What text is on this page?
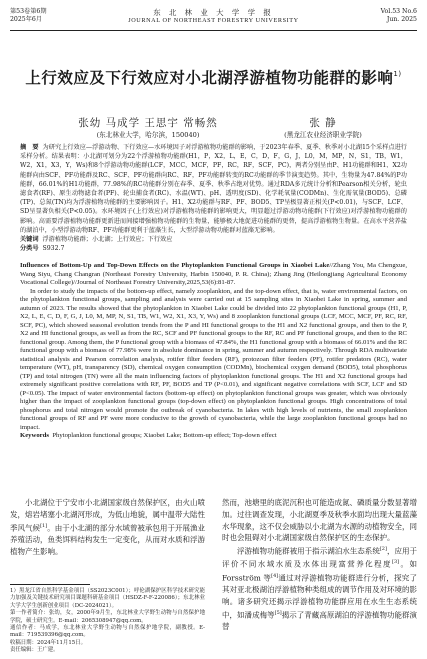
第53卷第6期
2025年6月
东 北 林 业 大 学 学 报
JOURNAL OF NORTHEAST FORESTRY UNIVERSITY
Vol.53 No.6
Jun. 2025
上行效应及下行效应对小北湖浮游植物功能群的影响$^{1)}$
张幼 马成学 王思宇 常畅然
(东北林业大学，哈尔滨，150040)
张 静
(黑龙江农业经济职业学院)

摘　要 为研究上行效应—浮游动物、下行效应—水环境因子对浮游植物功能群的影响，于2023年春季、夏季、秋季对小北湖15个采样点进行采样分析。结果表明：小北湖可划分为22个浮游植物功能群(H1，P，X2，L，E，C，D，F，G，J，L0，M，MP，N，S1，TB，W1，W2，X1，X3，Y，Ws)和8个浮游动物功能群(LCF，MCC，MCF，PF，RC，RF，SCF，PC)，两者分别呈由P、H1功能群和H1、X2功能群向由SCF、PF功能群及RC、SCF、PF功能群向RC、RF，PF功能群转变的RC功能群的季节演变趋势。其中，生物量为47.84%的P功能群，66.01%的H1功能群，77.98%的RC功能群分别在春季、夏季、秋季占绝对优势。通过RDA多元统计分析和Pearson相关分析，轮虫滤食者(RF)、原生动物滤食者(PF)、轮虫捕食者(RC)、水温(WT)、pH、透明度(SD)、化学耗氧量(CODMn)、生化需氧量(BOD5)、总磷(TP)、总氮(TN)均为浮游植物功能群的主要影响因子。H1、X2功能群与RF、PF、BOD5、TP呈极显著正相关(P<0.01)，与SCF、LCF、SD呈显著负相关(P<0.05)。水环境因子(上行效应)对浮游植物功能群的影响更大，明显超过浮游动物功能群(下行效应)对浮游植物功能群的影响。高需要浮游植物功能群更新进而间接增强植物功能群的生物量，能够极大地促进功能群的更替，提高浮游植物生物量。在高水平营养盐的湖泊中，小型浮游动物RF、PF功能群更利于蓝藻生长，大型浮游动物功能群对蓝藻无影响。

关键词 浮游植物功能群；小北湖；上行效应；下行效应

分类号 S932.7

Influences of Bottom-Up and Top-Down Effects on the Phytoplankton Functional Groups in Xiaobei Lake//Zhang You, Ma Chengxue, Wang Siyu, Chang Changran (Northeast Forestry University, Harbin 150040, P. R. China); Zhang Jing (Heilongjiang Agricultural Economy Vocational College)//Journal of Northeast Forestry University,2025,53(6):81-87.

In order to study the impacts of the bottom-up effect, namely zooplankton, and the top-down effect, that is, water environmental factors, on the phytoplankton functional groups, sampling and analysis were carried out at 15 sampling sites in Xiaobei Lake in spring, summer and autumn of 2023. The results showed that the phytoplankton in Xiaobei Lake could be divided into 22 phytoplankton functional groups (H1, P, X2, L, E, C, D, F, G, J, L0, M, MP, N, S1, TB, W1, W2, X1, X3, Y, Ws) and 8 zooplankton functional groups (LCF, MCC, MCF, PF, RC, RF, SCF, PC), which showed seasonal evolution trends from the P and HI functional groups to the H1 and X2 functional groups, and then to the P, X2 and HI functional groups, as well as from the RC, SCF and PF functional groups to the RF, RC and PF functional groups, and then to the RC functional group. Among them, the P functional group with a biomass of 47.84%, the H1 functional group with a biomass of 66.01% and the RC functional group with a biomass of 77.98% were in absolute dominance in spring, summer and autumn respectively. Through RDA multivariate statistical analysis and Pearson correlation analysis, rotifer filter feeders (RF), protozoan filter feeders (PF), rotifer predators (RC), water temperature (WT), pH, transparency (SD), chemical oxygen consumption (CODMn), biochemical oxygen demand (BOD5), total phosphorus (TP) and total nitrogen (TN) were all the main influencing factors of phytoplankton functional groups. The H1 and X2 functional groups had extremely significant positive correlations with RF, PF, BOD5 and TP (P<0.01), and significant negative correlations with SCF, LCF and SD (P<0.05). The impact of water environmental factors (bottom-up effect) on phytoplankton functional groups was greater, which was obviously higher than the impact of zooplankton functional groups (top-down effect) on phytoplankton functional groups. High concentrations of total phosphorus and total nitrogen would promote the outbreak of cyanobacteria. In lakes with high levels of nutrients, the small zooplankton functional groups of RF and PF were more conducive to the growth of cyanobacteria, while the large zooplankton functional groups had no impact.

Keywords Phytoplankton functional groups; Xiaobei Lake; Bottom-up effect; Top-down effect

小北湖位于宁安市小北湖国家级自然保护区，由火山喷发，熔岩堵塞小北湖河形成，为低山地貌，属中温带大陆性季风气候[1]。由于小北湖的部分水域曾被承包用于开展渔业养殖活动，鱼类饵料结构发生一定变化，从而对水质和浮游植物产生影响。

1）黑龙江省自然科学基金项目（SS2023C001）；呼伦湖保护区科学技术研究能力加强及关键技术研究项目课题科研基金项目（HSDZ-F-F-220086）；东北林业大学大学生创新创业项目（DC-2024021）。

第一作者简介：张幼，女，2000年9月生，东北林业大学野生动物与自然保护地学院，硕士研究生。E-mail：2065308947@qq.com。

通信作者：马成学，东北林业大学野生动物与自然保护地学院，副教授。E-mail：719539396@qq.com。

收稿日期：2024年11月15日。

责任编辑：王广建。

然而，池塘里的底泥沉积也可能造成氮、磷质量分数显著增加。过往调查发现，小北湖夏季及秋季水面均出现大量蓝藻水华现象，这不仅会威胁以小北湖为水源的动植物安全，同时也会阻碍对小北湖国家级自然保护区的生态保护。

浮游植物功能群被用于指示湖泊水生态系统[2]，应用于评价不同水域水质及水体出现富营养化程度[3]。如 Forsström 等[4]通过对浮游植物功能群进行分析，探究了其对亚北极湖泊浮游植物种类组成的调节作用及对环境的影响。诸多研究还揭示浮游植物功能群应用在水生生态系统中，如潘成梅等[5]揭示了青藏高原湖泊的浮游植物功能群演替
